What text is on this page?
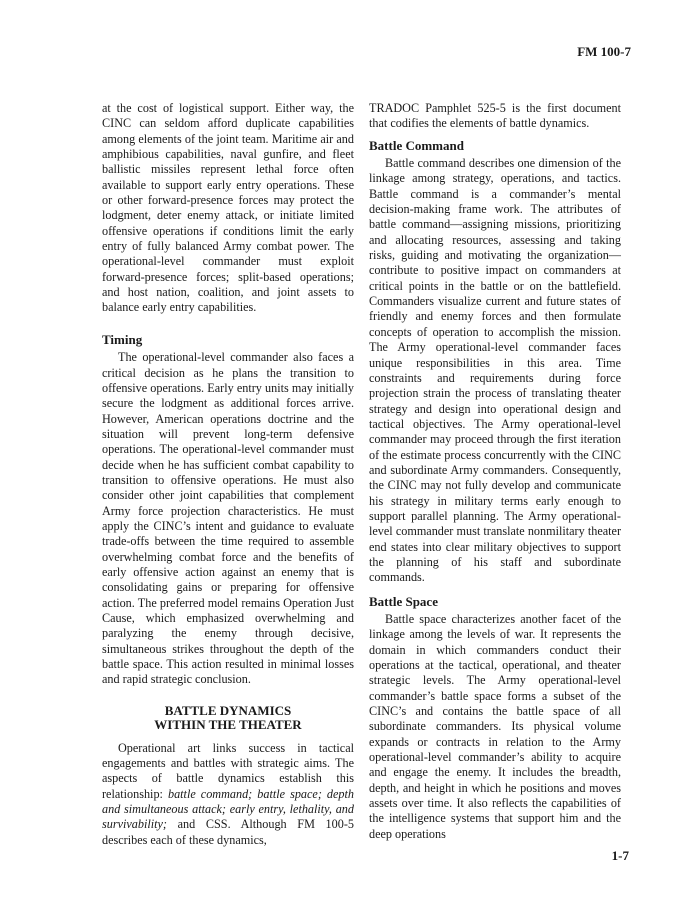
FM 100-7

at the cost of logistical support. Either way, the CINC can seldom afford duplicate capabilities among elements of the joint team. Maritime air and amphibious capabilities, naval gunfire, and fleet ballistic missiles represent lethal force often available to support early entry operations. These or other forward-presence forces may protect the lodgment, deter enemy attack, or initiate limited offensive operations if conditions limit the early entry of fully balanced Army combat power. The operational-level commander must exploit forward-presence forces; split-based operations; and host nation, coalition, and joint assets to balance early entry capabilities.

Timing

The operational-level commander also faces a critical decision as he plans the transition to offensive operations. Early entry units may initially secure the lodgment as additional forces arrive. However, American operations doctrine and the situation will prevent long-term defensive operations. The operational-level commander must decide when he has sufficient combat capability to transition to offensive operations. He must also consider other joint capabilities that complement Army force projection characteristics. He must apply the CINC’s intent and guidance to evaluate trade-offs between the time required to assemble overwhelming combat force and the benefits of early offensive action against an enemy that is consolidating gains or preparing for offensive action. The preferred model remains Operation Just Cause, which emphasized overwhelming and paralyzing the enemy through decisive, simultaneous strikes throughout the depth of the battle space. This action resulted in minimal losses and rapid strategic conclusion.

BATTLE DYNAMICS
WITHIN THE THEATER

Operational art links success in tactical engagements and battles with strategic aims. The aspects of battle dynamics establish this relationship: battle command; battle space; depth and simultaneous attack; early entry, lethality, and survivability; and CSS. Although FM 100-5 describes each of these dynamics,

TRADOC Pamphlet 525-5 is the first document that codifies the elements of battle dynamics.

Battle Command

Battle command describes one dimension of the linkage among strategy, operations, and tactics. Battle command is a commander’s mental decision-making frame work. The attributes of battle command—assigning missions, prioritizing and allocating resources, assessing and taking risks, guiding and motivating the organization—contribute to positive impact on commanders at critical points in the battle or on the battlefield. Commanders visualize current and future states of friendly and enemy forces and then formulate concepts of operation to accomplish the mission. The Army operational-level commander faces unique responsibilities in this area. Time constraints and requirements during force projection strain the process of translating theater strategy and design into operational design and tactical objectives. The Army operational-level commander may proceed through the first iteration of the estimate process concurrently with the CINC and subordinate Army commanders. Consequently, the CINC may not fully develop and communicate his strategy in military terms early enough to support parallel planning. The Army operational-level commander must translate nonmilitary theater end states into clear military objectives to support the planning of his staff and subordinate commands.

Battle Space

Battle space characterizes another facet of the linkage among the levels of war. It represents the domain in which commanders conduct their operations at the tactical, operational, and theater strategic levels. The Army operational-level commander’s battle space forms a subset of the CINC’s and contains the battle space of all subordinate commanders. Its physical volume expands or contracts in relation to the Army operational-level commander’s ability to acquire and engage the enemy. It includes the breadth, depth, and height in which he positions and moves assets over time. It also reflects the capabilities of the intelligence systems that support him and the deep operations

1-7
